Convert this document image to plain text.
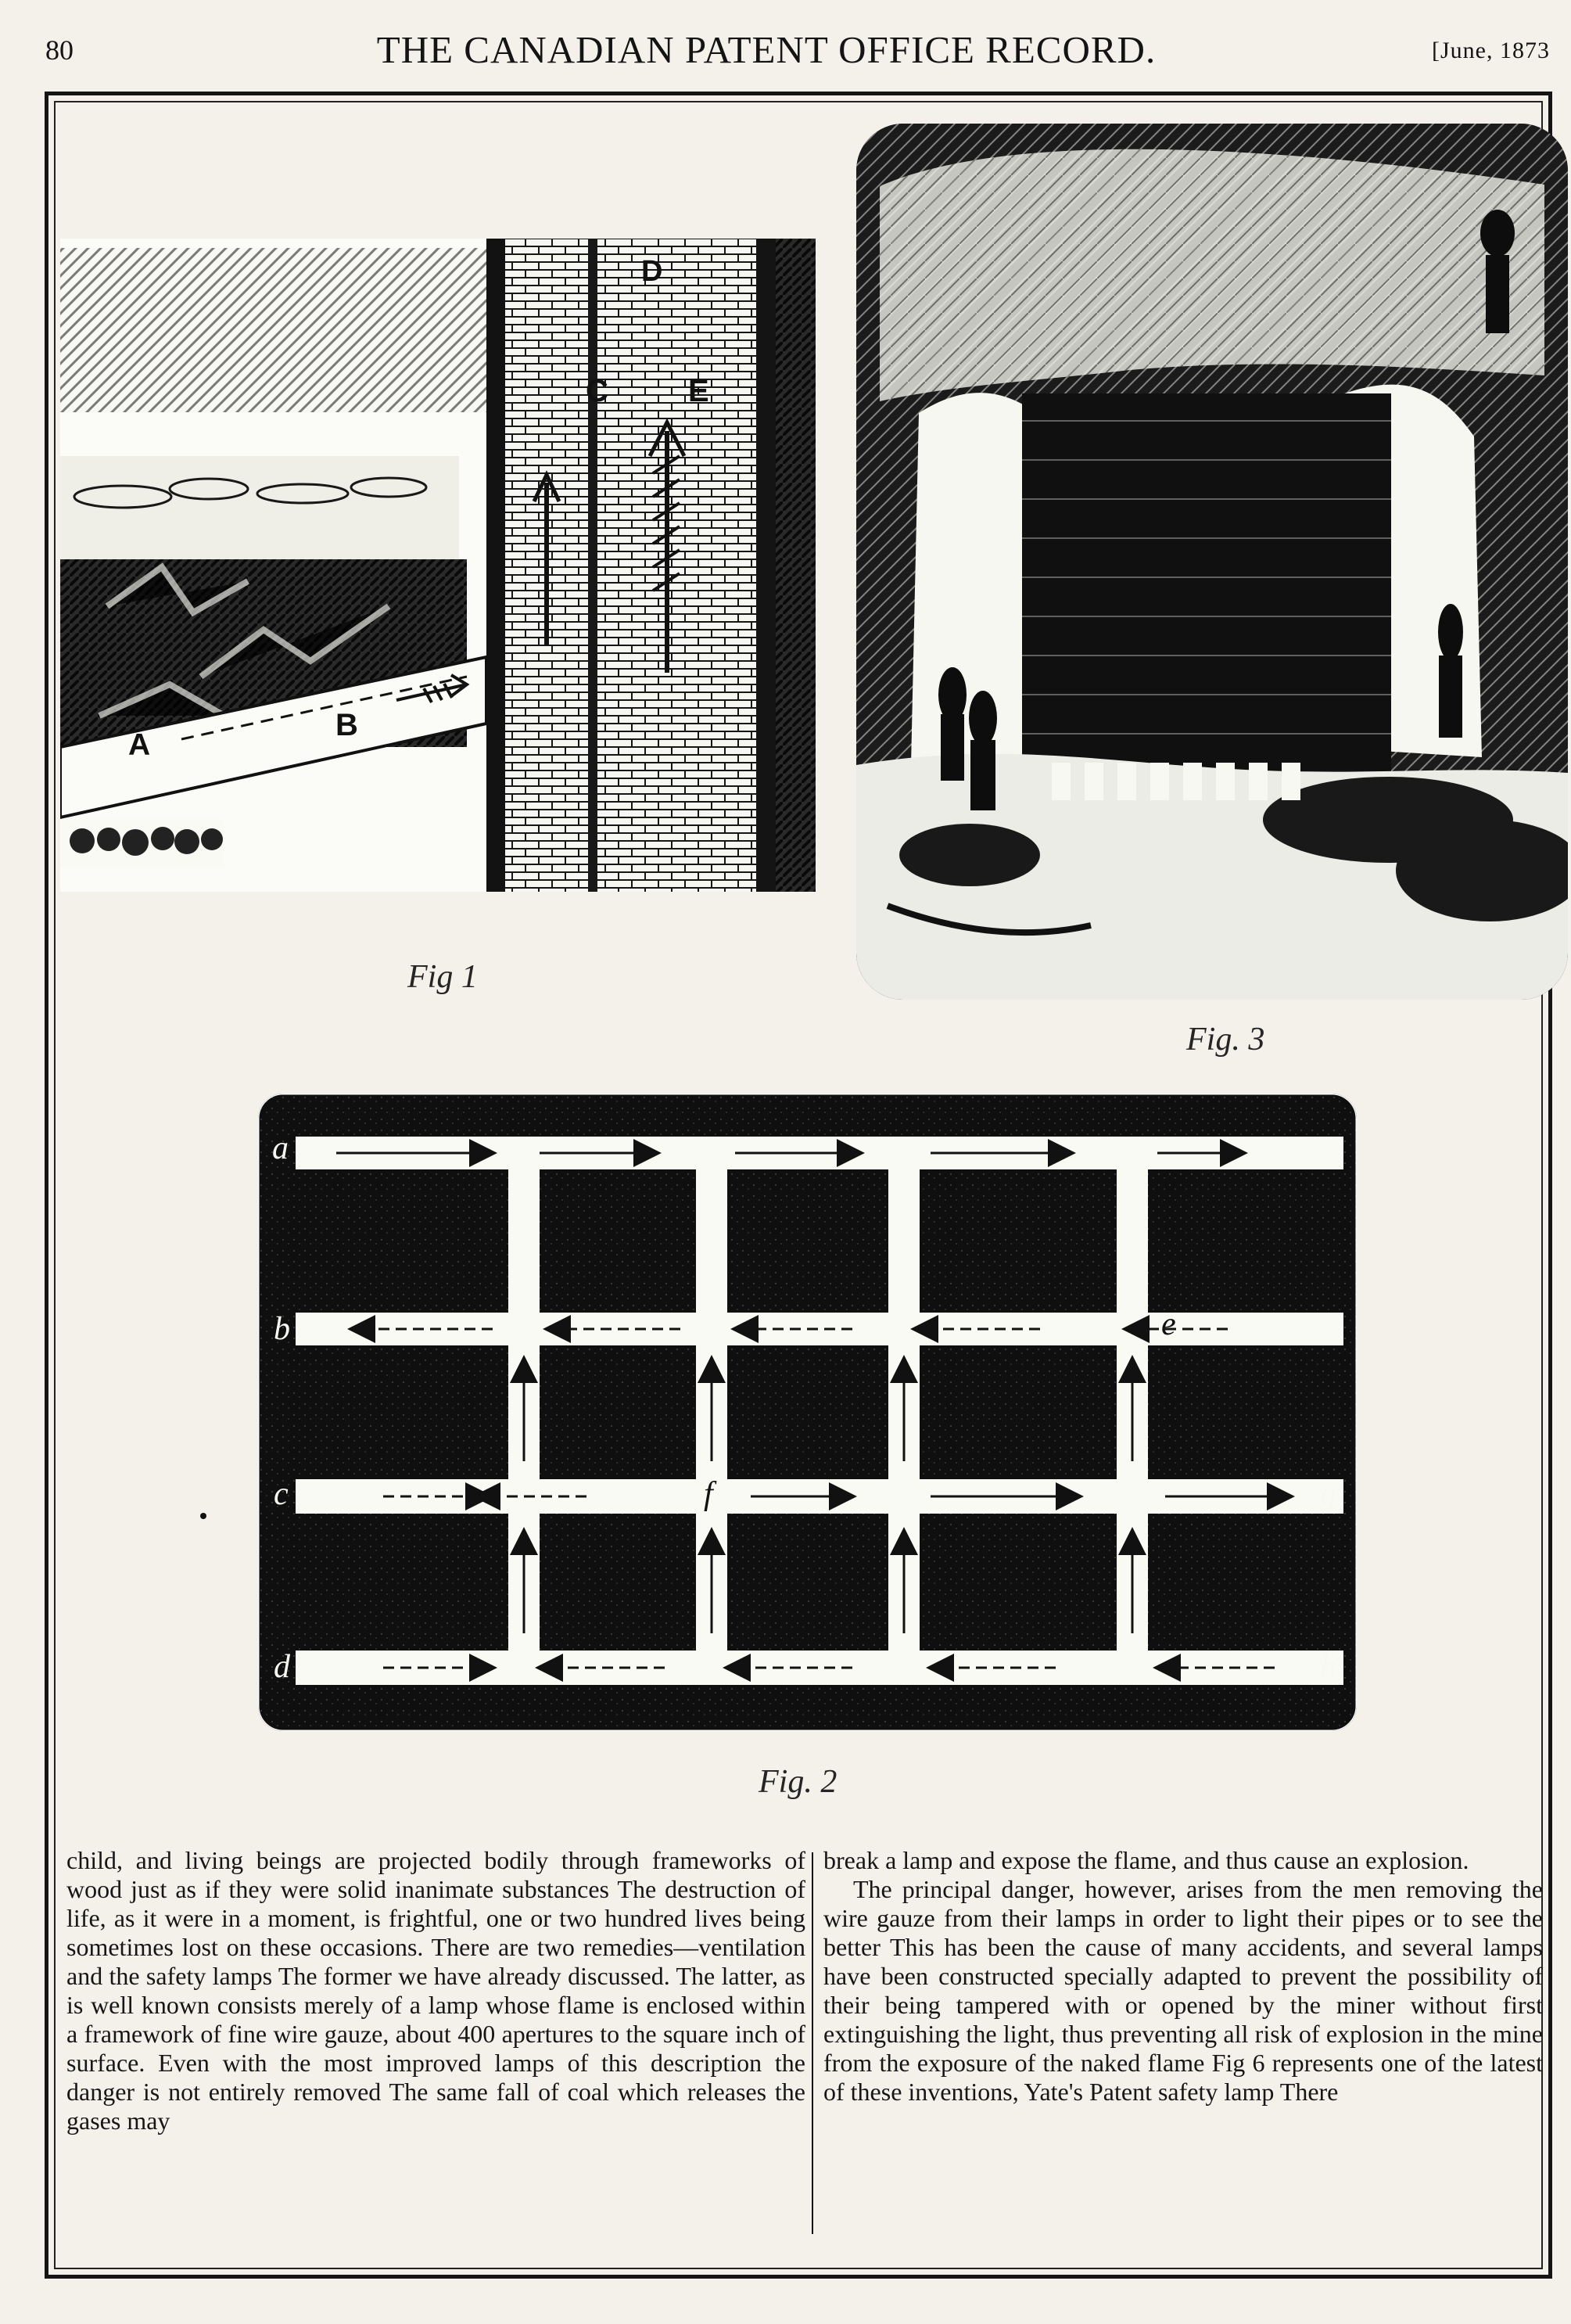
80	THE CANADIAN PATENT OFFICE RECORD.	[June, 1873
A
B
C
D
E
Fig 1
Fig. 3
a
b
c
d
e
f	g
h
Fig. 2

child, and living beings are projected bodily through frameworks of wood just as if they were solid inanimate substances The destruction of life, as it were in a moment, is frightful, one or two hundred lives being sometimes lost on these occasions. There are two remedies—ventilation and the safety lamps The former we have already discussed. The latter, as is well known consists merely of a lamp whose flame is enclosed within a framework of fine wire gauze, about 400 apertures to the square inch of surface. Even with the most improved lamps of this description the danger is not entirely removed The same fall of coal which releases the gases may

break a lamp and expose the flame, and thus cause an explosion.

The principal danger, however, arises from the men removing the wire gauze from their lamps in order to light their pipes or to see the better This has been the cause of many accidents, and several lamps have been constructed specially adapted to prevent the possibility of their being tampered with or opened by the miner without first extinguishing the light, thus preventing all risk of explosion in the mine from the exposure of the naked flame Fig 6 represents one of the latest of these inventions, Yate's Patent safety lamp There
